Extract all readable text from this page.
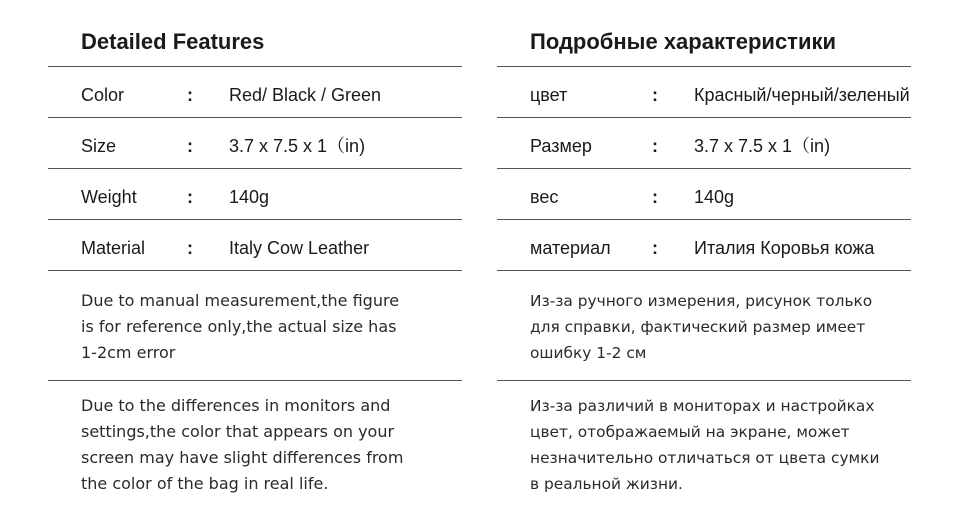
Detailed Features
Color	: Red/ Black / Green
Size	: 3.7 x 7.5 x 1（in)
Weight	: 140g
Material : Italy Cow Leather
Due to manual measurement,the figure
is for reference only,the actual size has
1-2cm error
Due to the differences in monitors and
settings,the color that appears on your
screen may have slight differences from
the color of the bag in real life.
Подробные характеристики
цвет	: Красный/черный/зеленый
Размер	: 3.7 x 7.5 x 1（in)
вес	: 140g
материал : Италия Коровья кожа
Из-за ручного измерения, рисунок только
для справки, фактический размер имеет
ошибку 1-2 см
Из-за различий в мониторах и настройках
цвет, отображаемый на экране, может
незначительно отличаться от цвета сумки
в реальной жизни.
